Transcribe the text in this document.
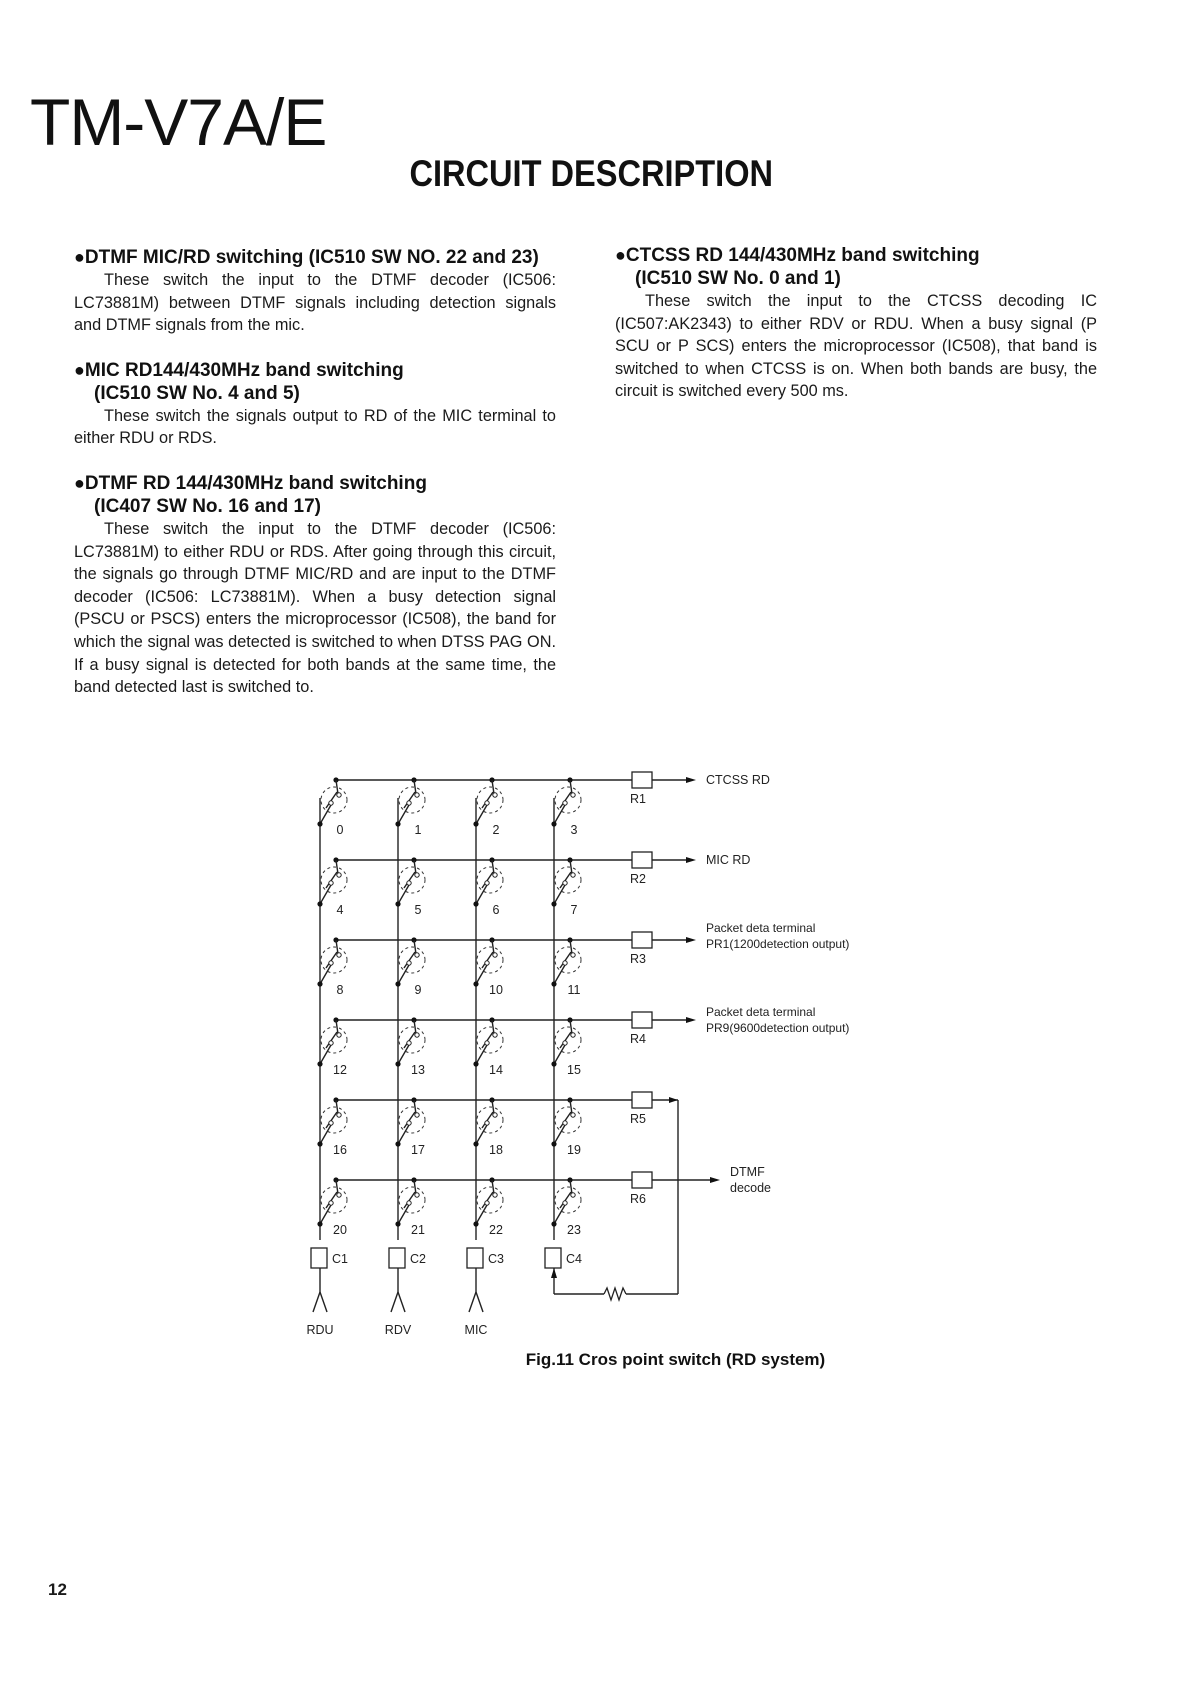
TM-V7A/E
CIRCUIT DESCRIPTION

●DTMF MIC/RD switching (IC510 SW NO. 22 and 23)

These switch the input to the DTMF decoder (IC506: LC73881M) between DTMF signals including detection signals and DTMF signals from the mic.

●MIC RD144/430MHz band switching

(IC510 SW No. 4 and 5)

These switch the signals output to RD of the MIC terminal to either RDU or RDS.

●DTMF RD 144/430MHz band switching

(IC407 SW No. 16 and 17)

These switch the input to the DTMF decoder (IC506: LC73881M) to either RDU or RDS. After going through this circuit, the signals go through DTMF MIC/RD and are input to the DTMF decoder (IC506: LC73881M). When a busy detection signal (PSCU or PSCS) enters the microprocessor (IC508), the band for which the signal was detected is switched to when DTSS PAG ON. If a busy signal is detected for both bands at the same time, the band detected last is switched to.

●CTCSS RD 144/430MHz band switching

(IC510 SW No. 0 and 1)

These switch the input to the CTCSS decoding IC (IC507:AK2343) to either RDV or RDU. When a busy signal (P SCU or P SCS) enters the microprocessor (IC508), that band is switched to when CTCSS is on. When both bands are busy, the circuit is switched every 500 ms.

0	1	2	3
R1
4	5	6	7
R2
8	9	10	11
R3
12	13	14	15
R4
16	17	18	19
R5
20	21	22	23
R6
CTCSS RD
MIC RD
Packet deta terminal
PR1(1200detection output)
Packet deta terminal
PR9(9600detection output)
DTMF
decode
C1
RDU
C2
RDV
C3
MIC
C4

Fig.11 Cros point switch (RD system)

12
